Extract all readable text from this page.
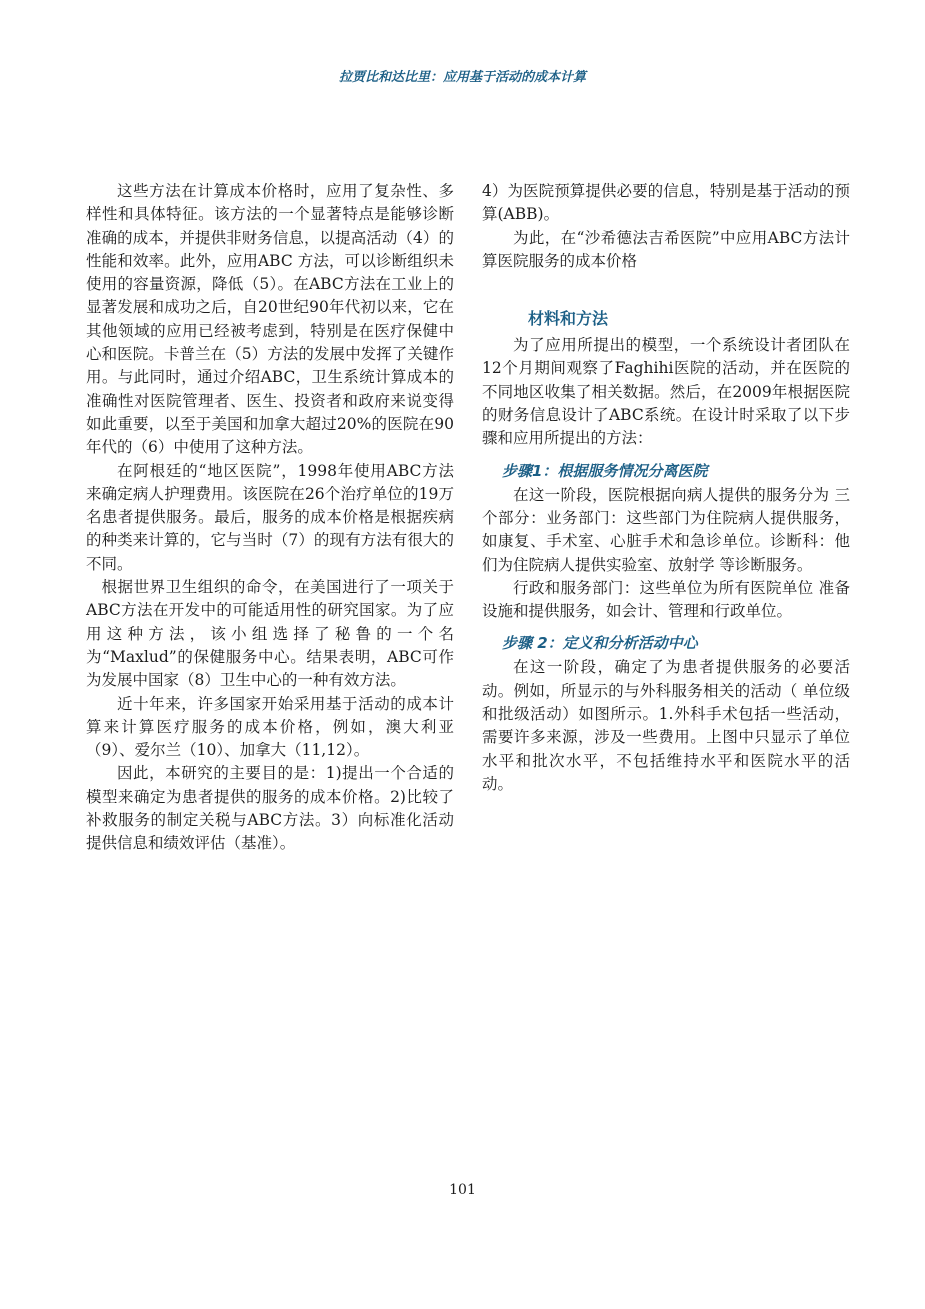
拉贾比和达比里：应用基于活动的成本计算

这些方法在计算成本价格时，应用了复杂性、多样性和具体特征。该方法的一个显著特点是能够诊断准确的成本，并提供非财务信息，以提高活动（4）的性能和效率。此外，应用ABC 方法，可以诊断组织未使用的容量资源，降低（5）。在ABC方法在工业上的显著发展和成功之后，自20世纪90年代初以来，它在其他领域的应用已经被考虑到，特别是在医疗保健中心和医院。卡普兰在（5）方法的发展中发挥了关键作用。与此同时，通过介绍ABC，卫生系统计算成本的准确性对医院管理者、医生、投资者和政府来说变得如此重要，以至于美国和加拿大超过20%的医院在90年代的（6）中使用了这种方法。

在阿根廷的“地区医院”，1998年使用ABC方法来确定病人护理费用。该医院在26个治疗单位的19万名患者提供服务。最后，服务的成本价格是根据疾病的种类来计算的，它与当时（7）的现有方法有很大的不同。

根据世界卫生组织的命令，在美国进行了一项关于ABC方法在开发中的可能适用性的研究国家。为了应用这种方法，该小组选择了秘鲁的一个名为“Maxlud”的保健服务中心。结果表明，ABC可作为发展中国家（8）卫生中心的一种有效方法。

近十年来，许多国家开始采用基于活动的成本计算来计算医疗服务的成本价格，例如，澳大利亚（9）、爱尔兰（10）、加拿大（11,12）。

因此，本研究的主要目的是：1)提出一个合适的模型来确定为患者提供的服务的成本价格。2)比较了补救服务的制定关税与ABC方法。3）向标准化活动提供信息和绩效评估（基准）。

4）为医院预算提供必要的信息，特别是基于活动的预算(ABB)。

为此，在“沙希德法吉希医院”中应用ABC方法计算医院服务的成本价格

材料和方法

为了应用所提出的模型，一个系统设计者团队在12个月期间观察了Faghihi医院的活动，并在医院的不同地区收集了相关数据。然后，在2009年根据医院的财务信息设计了ABC系统。在设计时采取了以下步骤和应用所提出的方法：

步骤1：根据服务情况分离医院

在这一阶段，医院根据向病人提供的服务分为 三个部分：业务部门：这些部门为住院病人提供服务，如康复、手术室、心脏手术和急诊单位。诊断科：他们为住院病人提供实验室、放射学 等诊断服务。

行政和服务部门：这些单位为所有医院单位 准备设施和提供服务，如会计、管理和行政单位。

步骤 2：定义和分析活动中心

在这一阶段，确定了为患者提供服务的必要活动。例如，所显示的与外科服务相关的活动（ 单位级和批级活动）如图所示。1.外科手术包括一些活动，需要许多来源，涉及一些费用。上图中只显示了单位水平和批次水平，不包括维持水平和医院水平的活动。

101
